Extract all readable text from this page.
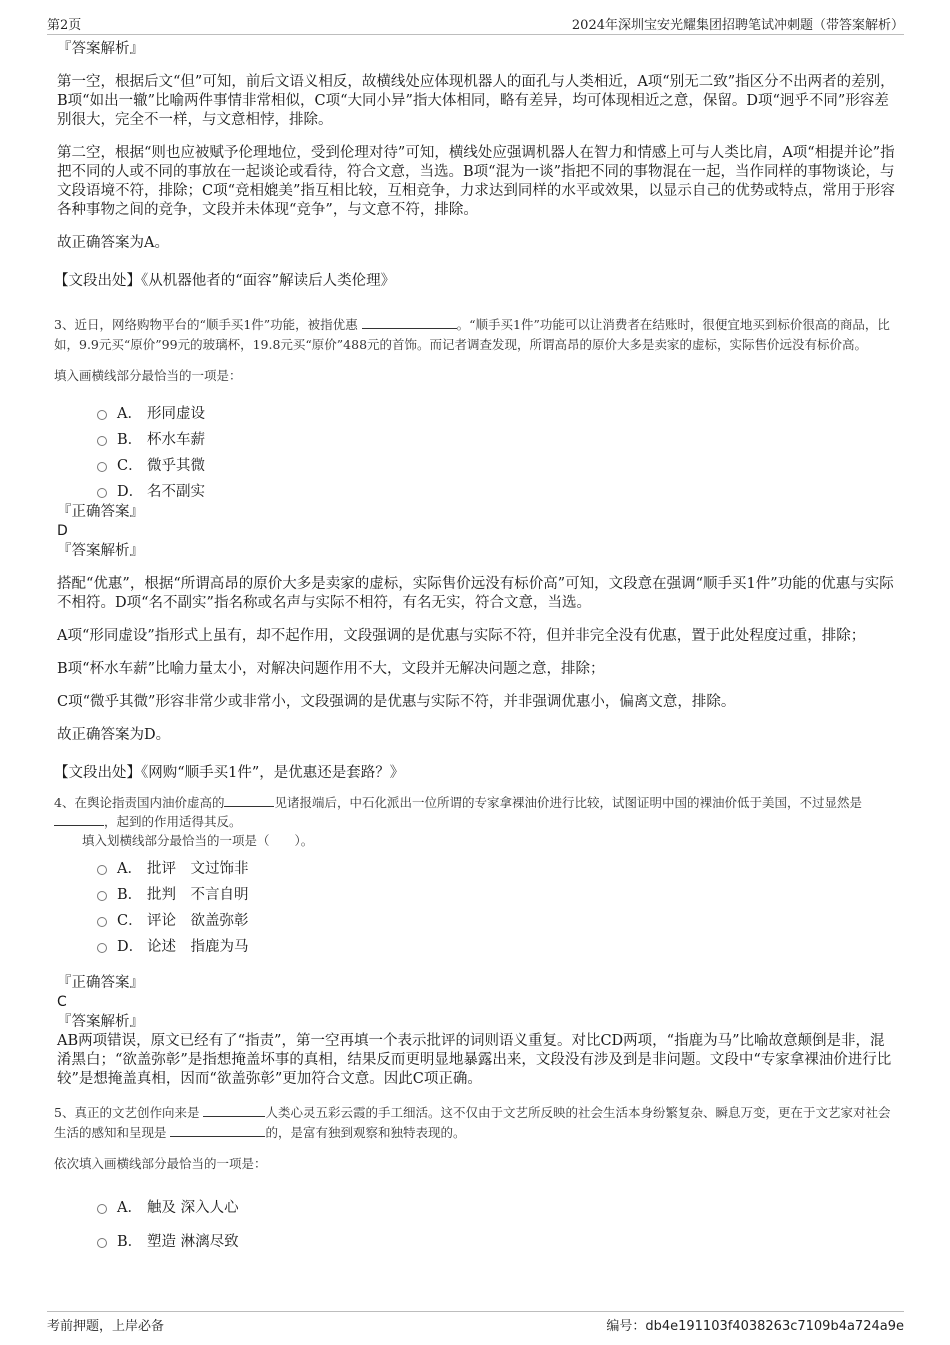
第2页	2024年深圳宝安光耀集团招聘笔试冲刺题（带答案解析）
『答案解析』

第一空，根据后文“但”可知，前后文语义相反，故横线处应体现机器人的面孔与人类相近，A项“别无二致”指区分不出两者的差别，B项“如出一辙”比喻两件事情非常相似，C项“大同小异”指大体相同，略有差异，均可体现相近之意，保留。D项“迥乎不同”形容差别很大，完全不一样，与文意相悖，排除。

第二空，根据“则也应被赋予伦理地位，受到伦理对待”可知，横线处应强调机器人在智力和情感上可与人类比肩，A项“相提并论”指把不同的人或不同的事放在一起谈论或看待，符合文意，当选。B项“混为一谈”指把不同的事物混在一起，当作同样的事物谈论，与文段语境不符，排除；C项“竞相媲美”指互相比较，互相竞争，力求达到同样的水平或效果，以显示自己的优势或特点，常用于形容各种事物之间的竞争，文段并未体现“竞争”，与文意不符，排除。

故正确答案为A。

【文段出处】《从机器他者的“面容”解读后人类伦理》

3、近日，网络购物平台的“顺手买1件”功能，被指优惠	。“顺手买1件”功能可以让消费者在结账时，很便宜地买到标价很高的商品，比如，9.9元买“原价”99元的玻璃杯，19.8元买“原价”488元的首饰。而记者调查发现，所谓高昂的原价大多是卖家的虚标，实际售价远没有标价高。

填入画横线部分最恰当的一项是：
A． 形同虚设
B． 杯水车薪
C． 微乎其微
D． 名不副实
『正确答案』
D
『答案解析』

搭配“优惠”，根据“所谓高昂的原价大多是卖家的虚标，实际售价远没有标价高”可知，文段意在强调“顺手买1件”功能的优惠与实际不相符。D项“名不副实”指名称或名声与实际不相符，有名无实，符合文意，当选。

A项“形同虚设”指形式上虽有，却不起作用，文段强调的是优惠与实际不符，但并非完全没有优惠，置于此处程度过重，排除；

B项“杯水车薪”比喻力量太小，对解决问题作用不大，文段并无解决问题之意，排除；

C项“微乎其微”形容非常少或非常小，文段强调的是优惠与实际不符，并非强调优惠小，偏离文意，排除。

故正确答案为D。

【文段出处】《网购“顺手买1件”，是优惠还是套路？》

4、在舆论指责国内油价虚高的	见诸报端后，中石化派出一位所谓的专家拿裸油价进行比较，试图证明中国的裸油价低于美国，不过显然是，起到的作用适得其反。

填入划横线部分最恰当的一项是（　　）。
A． 批评　文过饰非
B． 批判　不言自明
C． 评论　欲盖弥彰
D． 论述　指鹿为马
『正确答案』
C
『答案解析』

AB两项错误，原文已经有了“指责”，第一空再填一个表示批评的词则语义重复。对比CD两项，“指鹿为马”比喻故意颠倒是非，混淆黑白；“欲盖弥彰”是指想掩盖坏事的真相，结果反而更明显地暴露出来，文段没有涉及到是非问题。文段中“专家拿裸油价进行比较”是想掩盖真相，因而“欲盖弥彰”更加符合文意。因此C项正确。

5、真正的文艺创作向来是	人类心灵五彩云霞的手工细活。这不仅由于文艺所反映的社会生活本身纷繁复杂、瞬息万变，更在于文艺家对社会生活的感知和呈现是	的，是富有独到观察和独特表现的。

依次填入画横线部分最恰当的一项是：
A． 触及 深入人心
B． 塑造 淋漓尽致
考前押题，上岸必备	编号：db4e191103f4038263c7109b4a724a9e
